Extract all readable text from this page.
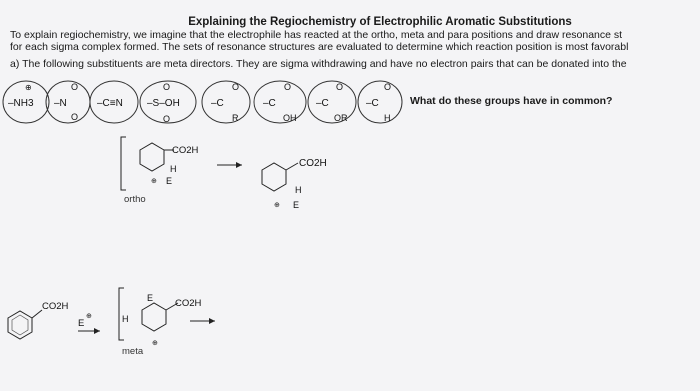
Explaining the Regiochemistry of Electrophilic Aromatic Substitutions
To explain regiochemistry, we imagine that the electrophile has reacted at the ortho, meta and para positions and draw resonance st
for each sigma complex formed. The sets of resonance structures are evaluated to determine which reaction position is most favorabl
a) The following substituents are meta directors. They are sigma withdrawing and have no electron pairs that can be donated into the
What do these groups have in common?
–NH3
⊕
–N
O
O
–C≡N –S–OH
O
O
–C
O
R
–C
O
OH
–C
O
OR
–C
O
H
CO2H
H
E
⊕
CO2H
H
E
⊕
ortho
CO2H
E
⊕
CO2H
H
E
⊕
meta
